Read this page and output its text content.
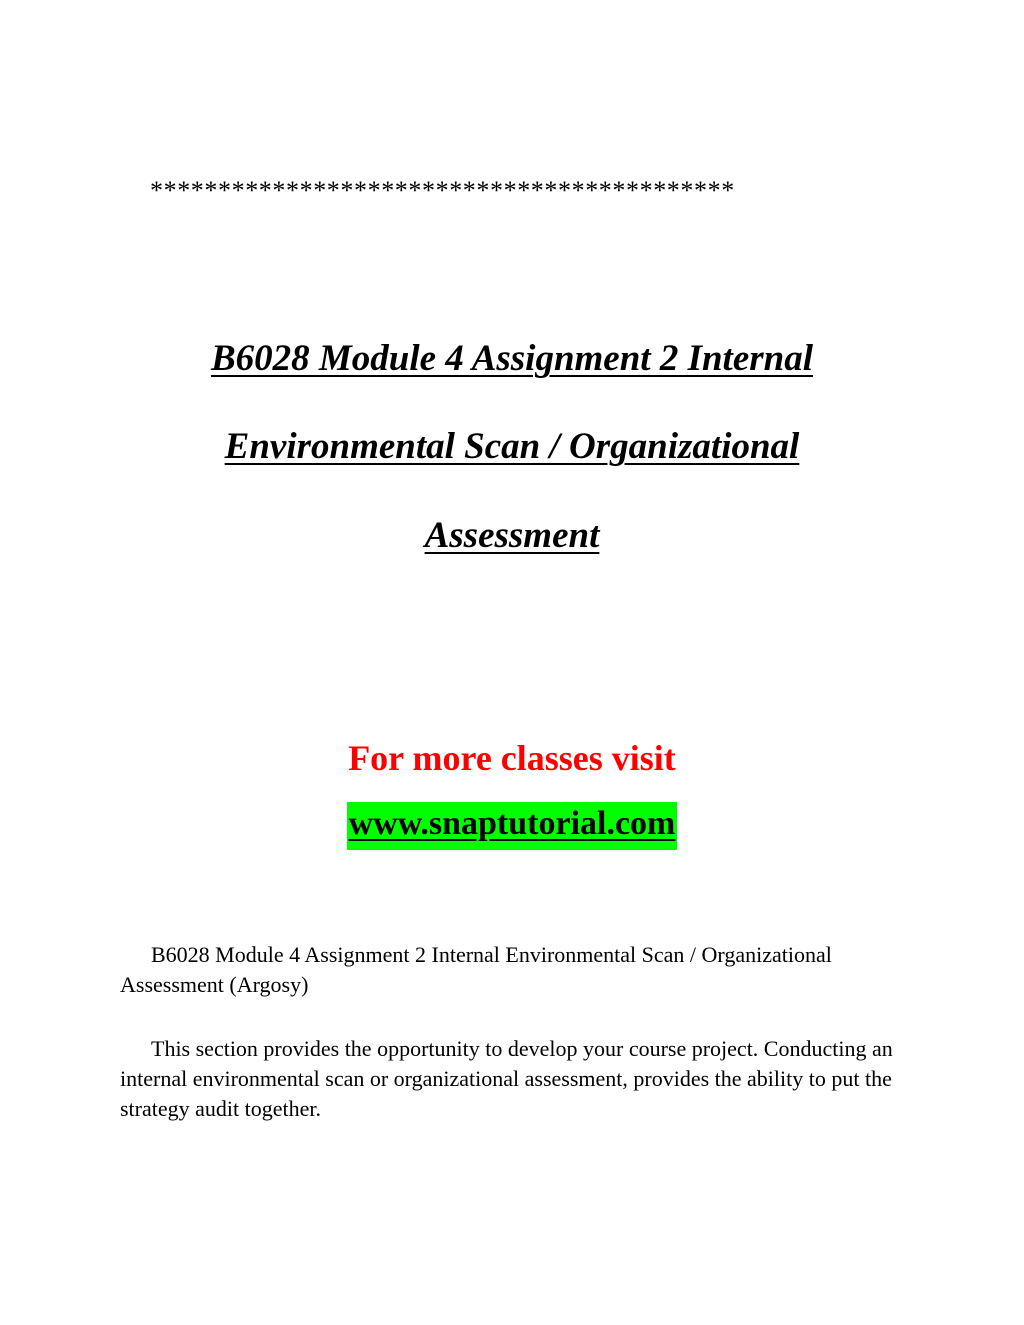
*******************************************
B6028 Module 4 Assignment 2 Internal
Environmental Scan / Organizational
Assessment
For more classes visit
www.snaptutorial.com
B6028 Module 4 Assignment 2 Internal Environmental Scan / Organizational Assessment (Argosy)
This section provides the opportunity to develop your course project. Conducting an internal environmental scan or organizational assessment, provides the ability to put the strategy audit together.
